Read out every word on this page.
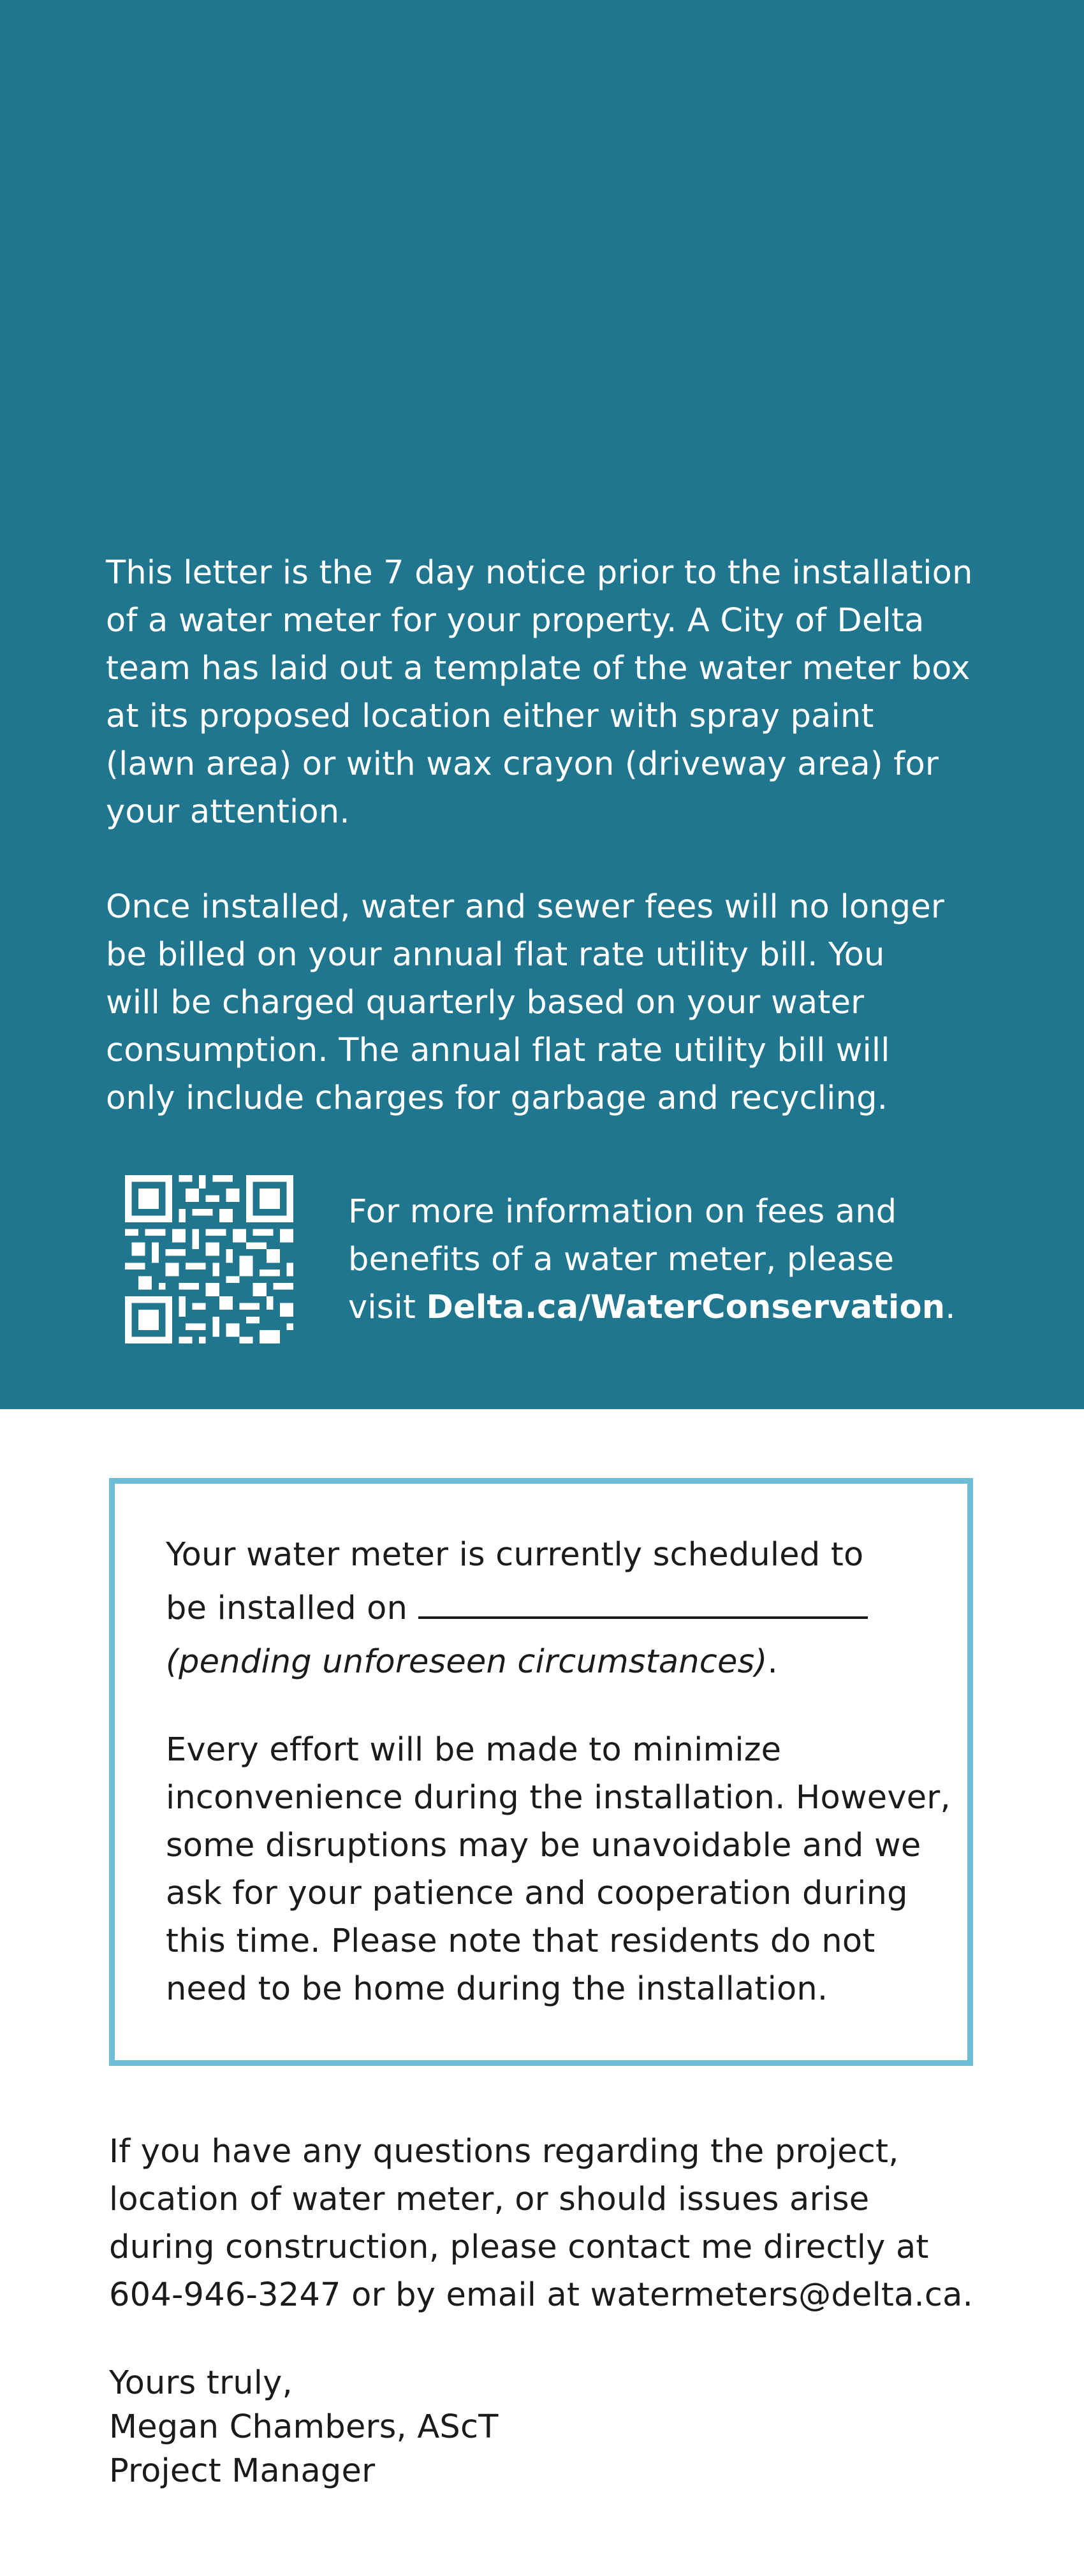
This letter is the 7 day notice prior to the installation
of a water meter for your property. A City of Delta
team has laid out a template of the water meter box
at its proposed location either with spray paint
(lawn area) or with wax crayon (driveway area) for
your attention.
Once installed, water and sewer fees will no longer
be billed on your annual flat rate utility bill. You
will be charged quarterly based on your water
consumption. The annual flat rate utility bill will
only include charges for garbage and recycling.
For more information on fees and
benefits of a water meter, please
visit Delta.ca/WaterConservation.
Your water meter is currently scheduled to
be installed on
(pending unforeseen circumstances).
Every effort will be made to minimize
inconvenience during the installation. However,
some disruptions may be unavoidable and we
ask for your patience and cooperation during
this time. Please note that residents do not
need to be home during the installation.
If you have any questions regarding the project,
location of water meter, or should issues arise
during construction, please contact me directly at
604-946-3247 or by email at watermeters@delta.ca.
Yours truly,
Megan Chambers, AScT
Project Manager
